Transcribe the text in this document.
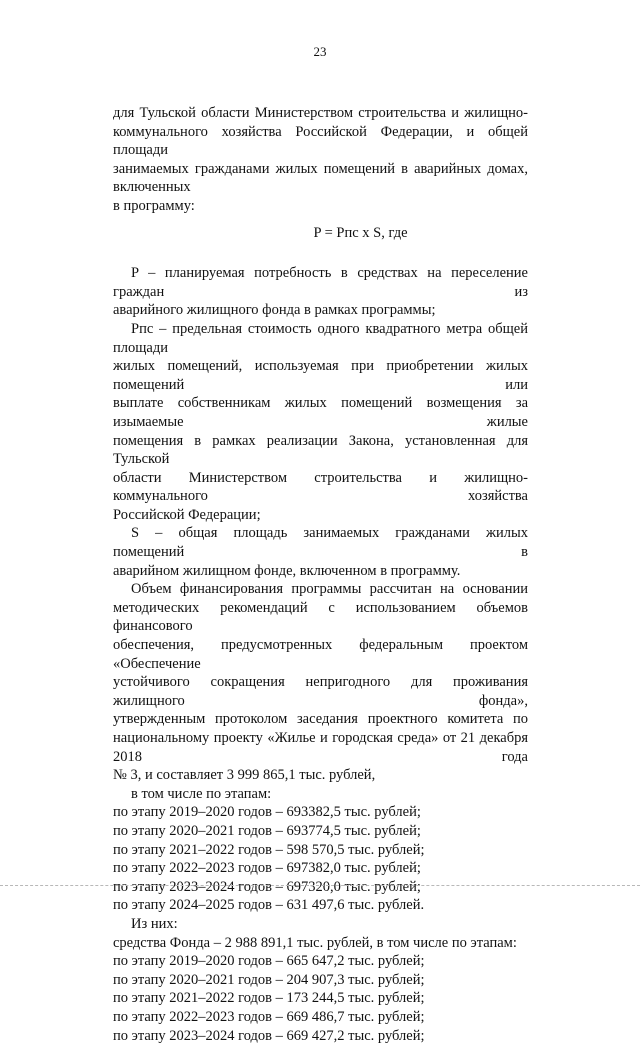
23

для Тульской области Министерством строительства и жилищно-

коммунального хозяйства Российской Федерации, и общей площади

занимаемых гражданами жилых помещений в аварийных домах, включенных

в программу:

P = Pпс x S, где

P – планируемая потребность в средствах на переселение граждан из

аварийного жилищного фонда в рамках программы;

Рпс – предельная стоимость одного квадратного метра общей площади

жилых помещений, используемая при приобретении жилых помещений или

выплате собственникам жилых помещений возмещения за изымаемые жилые

помещения в рамках реализации Закона, установленная для Тульской

области Министерством строительства и жилищно-коммунального хозяйства

Российской Федерации;

S – общая площадь занимаемых гражданами жилых помещений в

аварийном жилищном фонде, включенном в программу.

Объем финансирования программы рассчитан на основании

методических рекомендаций с использованием объемов финансового

обеспечения, предусмотренных федеральным проектом «Обеспечение

устойчивого сокращения непригодного для проживания жилищного фонда»,

утвержденным протоколом заседания проектного комитета по

национальному проекту «Жилье и городская среда» от 21 декабря 2018 года

№ 3, и составляет 3 999 865,1 тыс. рублей,

в том числе по этапам:

по этапу 2019–2020 годов – 693382,5 тыс. рублей;
по этапу 2020–2021 годов – 693774,5 тыс. рублей;
по этапу 2021–2022 годов – 598 570,5 тыс. рублей;
по этапу 2022–2023 годов – 697382,0 тыс. рублей;
по этапу 2023–2024 годов – 697320,0 тыс. рублей;
по этапу 2024–2025 годов – 631 497,6 тыс. рублей.

Из них:

средства Фонда – 2 988 891,1 тыс. рублей, в том числе по этапам:

по этапу 2019–2020 годов – 665 647,2 тыс. рублей;
по этапу 2020–2021 годов – 204 907,3 тыс. рублей;
по этапу 2021–2022 годов – 173 244,5 тыс. рублей;
по этапу 2022–2023 годов – 669 486,7 тыс. рублей;
по этапу 2023–2024 годов – 669 427,2 тыс. рублей;
